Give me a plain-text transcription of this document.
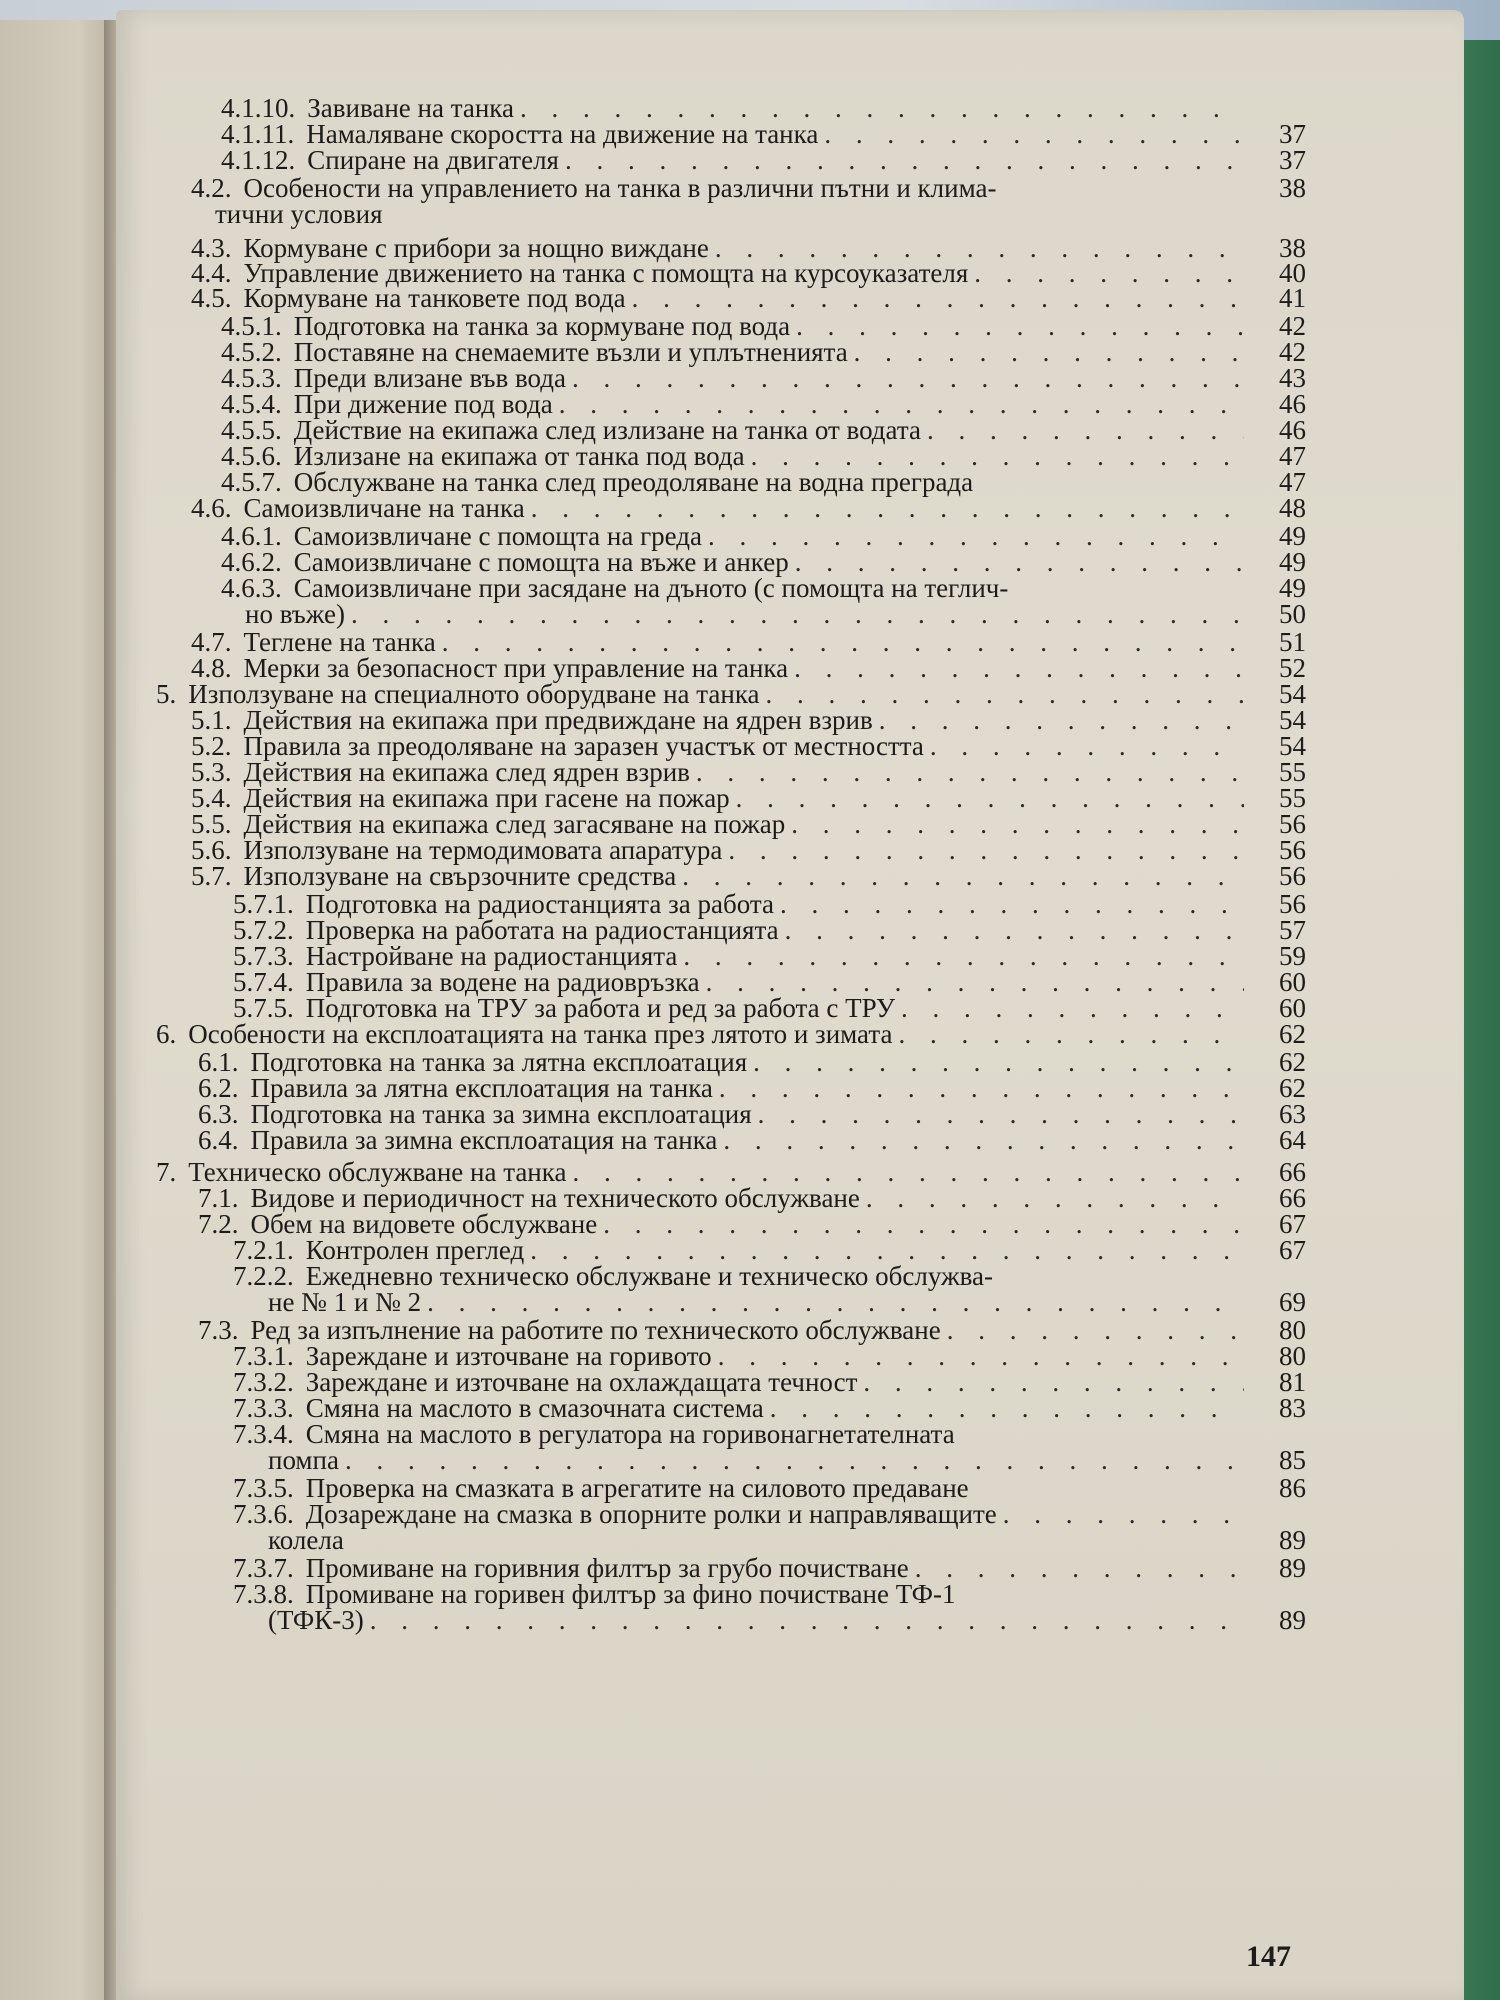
4.1.10. Завиване на танка
. . .
4.1.11. Намаляване скоростта на движение на танка . . .	37
4.1.12. Спиране на двигателя . . .	37
4.2. Особености на управлението на танка в различни пътни и клима-	38
тични условия
4.3. Кормуване с прибори за нощно виждане . . .	38
4.4. Управление движението на танка с помощта на курсоуказателя . . .	40
4.5. Кормуване на танковете под вода . . .	41
4.5.1. Подготовка на танка за кормуване под вода . . .	42
4.5.2. Поставяне на снемаемите възли и уплътненията . . .	42
4.5.3. Преди влизане във вода . . .	43
4.5.4. При дижение под вода . . .	46
4.5.5. Действие на екипажа след излизане на танка от водата . . .	46
4.5.6. Излизане на екипажа от танка под вода . . .	47
4.5.7. Обслужване на танка след преодоляване на водна преграда	47
4.6. Самоизвличане на танка . . .	48
4.6.1. Самоизвличане с помощта на греда . . .	49
4.6.2. Самоизвличане с помощта на въже и анкер . . .	49
4.6.3. Самоизвличане при засядане на дъното (с помощта на теглич-	49
но въже) . . .	50
4.7. Теглене на танка . . .	51
4.8. Мерки за безопасност при управление на танка . . .	52
5. Използуване на специалното оборудване на танка . . .	54
5.1. Действия на екипажа при предвиждане на ядрен взрив . . .	54
5.2. Правила за преодоляване на заразен участък от местността . . .	54
5.3. Действия на екипажа след ядрен взрив . . .	55
5.4. Действия на екипажа при гасене на пожар . . .	55
5.5. Действия на екипажа след загасяване на пожар . . .	56
5.6. Използуване на термодимовата апаратура . . .	56
5.7. Използуване на свързочните средства . . .	56
5.7.1. Подготовка на радиостанцията за работа . . .	56
5.7.2. Проверка на работата на радиостанцията . . .	57
5.7.3. Настройване на радиостанцията . . .	59
5.7.4. Правила за водене на радиовръзка . . .	60
5.7.5. Подготовка на ТРУ за работа и ред за работа с ТРУ . . .	60
6. Особености на експлоатацията на танка през лятото и зимата . . .	62
6.1. Подготовка на танка за лятна експлоатация . . .	62
6.2. Правила за лятна експлоатация на танка . . .	62
6.3. Подготовка на танка за зимна експлоатация . . .	63
6.4. Правила за зимна експлоатация на танка . . .	64
7. Техническо обслужване на танка . . .	66
7.1. Видове и периодичност на техническото обслужване . . .	66
7.2. Обем на видовете обслужване . . .	67
7.2.1. Контролен преглед . . .	67
7.2.2. Ежедневно техническо обслужване и техническо обслужва-
не № 1 и № 2 . . .	69
7.3. Ред за изпълнение на работите по техническото обслужване . . .	80
7.3.1. Зареждане и източване на горивото . . .	80
7.3.2. Зареждане и източване на охлаждащата течност . . .	81
7.3.3. Смяна на маслото в смазочната система . . .	83
7.3.4. Смяна на маслото в регулатора на горивонагнетателната
помпа . . .	85
7.3.5. Проверка на смазката в агрегатите на силовото предаване	86
7.3.6. Дозареждане на смазка в опорните ролки и направляващите
. . .
колела	89
7.3.7. Промиване на горивния филтър за грубо почистване . . .	89
7.3.8. Промиване на горивен филтър за фино почистване ТФ-1
(ТФК-3) . . .	89
147
